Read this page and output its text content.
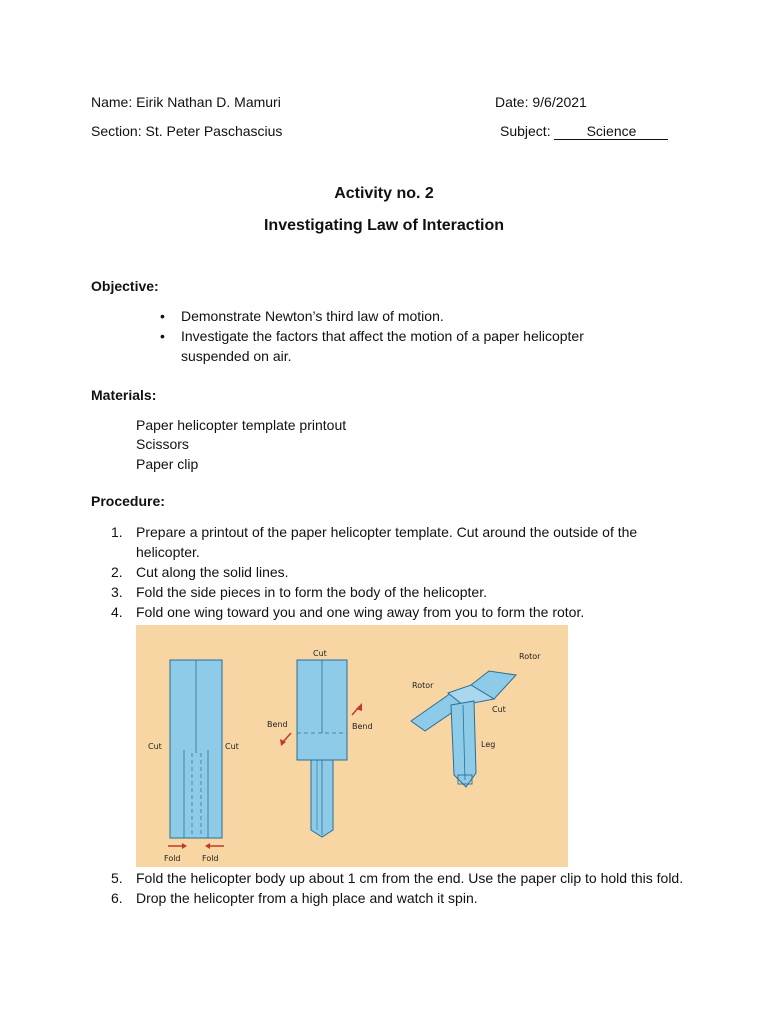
Name: Eirik Nathan D. Mamuri	Date: 9/6/2021
Section: St. Peter Paschascius	Subject: Science
Activity no. 2
Investigating Law of Interaction
Objective:
• Demonstrate Newton’s third law of motion.
• Investigate the factors that affect the motion of a paper helicopter suspended on air.
Materials:
Paper helicopter template printout
Scissors
Paper clip
Procedure:
1. Prepare a printout of the paper helicopter template. Cut around the outside of the helicopter.
2. Cut along the solid lines.
3. Fold the side pieces in to form the body of the helicopter.
4. Fold one wing toward you and one wing away from you to form the rotor.
Cut	Cut
Fold	Fold
Cut
Bend	Bend
Rotor
Rotor
Cut
Leg
5. Fold the helicopter body up about 1 cm from the end. Use the paper clip to hold this fold.
6. Drop the helicopter from a high place and watch it spin.
